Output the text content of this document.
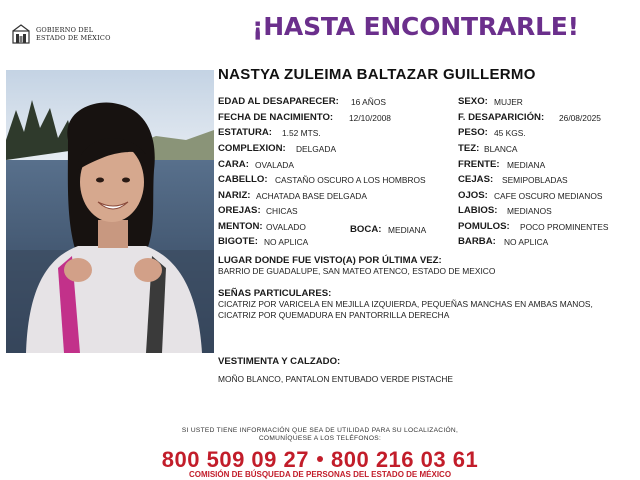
GOBIERNO DEL
ESTADO DE MÉXICO	¡HASTA ENCONTRARLE!
NASTYA ZULEIMA BALTAZAR GUILLERMO
EDAD AL DESAPARECER: 16 AÑOS
FECHA DE NACIMIENTO: 12/10/2008
ESTATURA: 1.52 MTS.
COMPLEXION: DELGADA
CARA: OVALADA
CABELLO: CASTAÑO OSCURO A LOS HOMBROS
NARIZ: ACHATADA BASE DELGADA
OREJAS: CHICAS
MENTON: OVALADO	BOCA: MEDIANA
BIGOTE: NO APLICA
SEXO: MUJER
F. DESAPARICIÓN: 26/08/2025
PESO: 45 KGS.
TEZ: BLANCA
FRENTE: MEDIANA
CEJAS: SEMIPOBLADAS
OJOS: CAFE OSCURO MEDIANOS
LABIOS: MEDIANOS
POMULOS: POCO PROMINENTES
BARBA: NO APLICA
LUGAR DONDE FUE VISTO(A) POR ÚLTIMA VEZ:
BARRIO DE GUADALUPE, SAN MATEO ATENCO, ESTADO DE MEXICO
SEÑAS PARTICULARES:
CICATRIZ POR VARICELA EN MEJILLA IZQUIERDA, PEQUEÑAS MANCHAS EN AMBAS MANOS, CICATRIZ POR QUEMADURA EN PANTORRILLA DERECHA
VESTIMENTA Y CALZADO:
MOÑO BLANCO, PANTALON ENTUBADO VERDE PISTACHE
SI USTED TIENE INFORMACIÓN QUE SEA DE UTILIDAD PARA SU LOCALIZACIÓN,
COMUNÍQUESE A LOS TELÉFONOS:
800 509 09 27 800 216 03 61
COMISIÓN DE BÚSQUEDA DE PERSONAS DEL ESTADO DE MÉXICO
